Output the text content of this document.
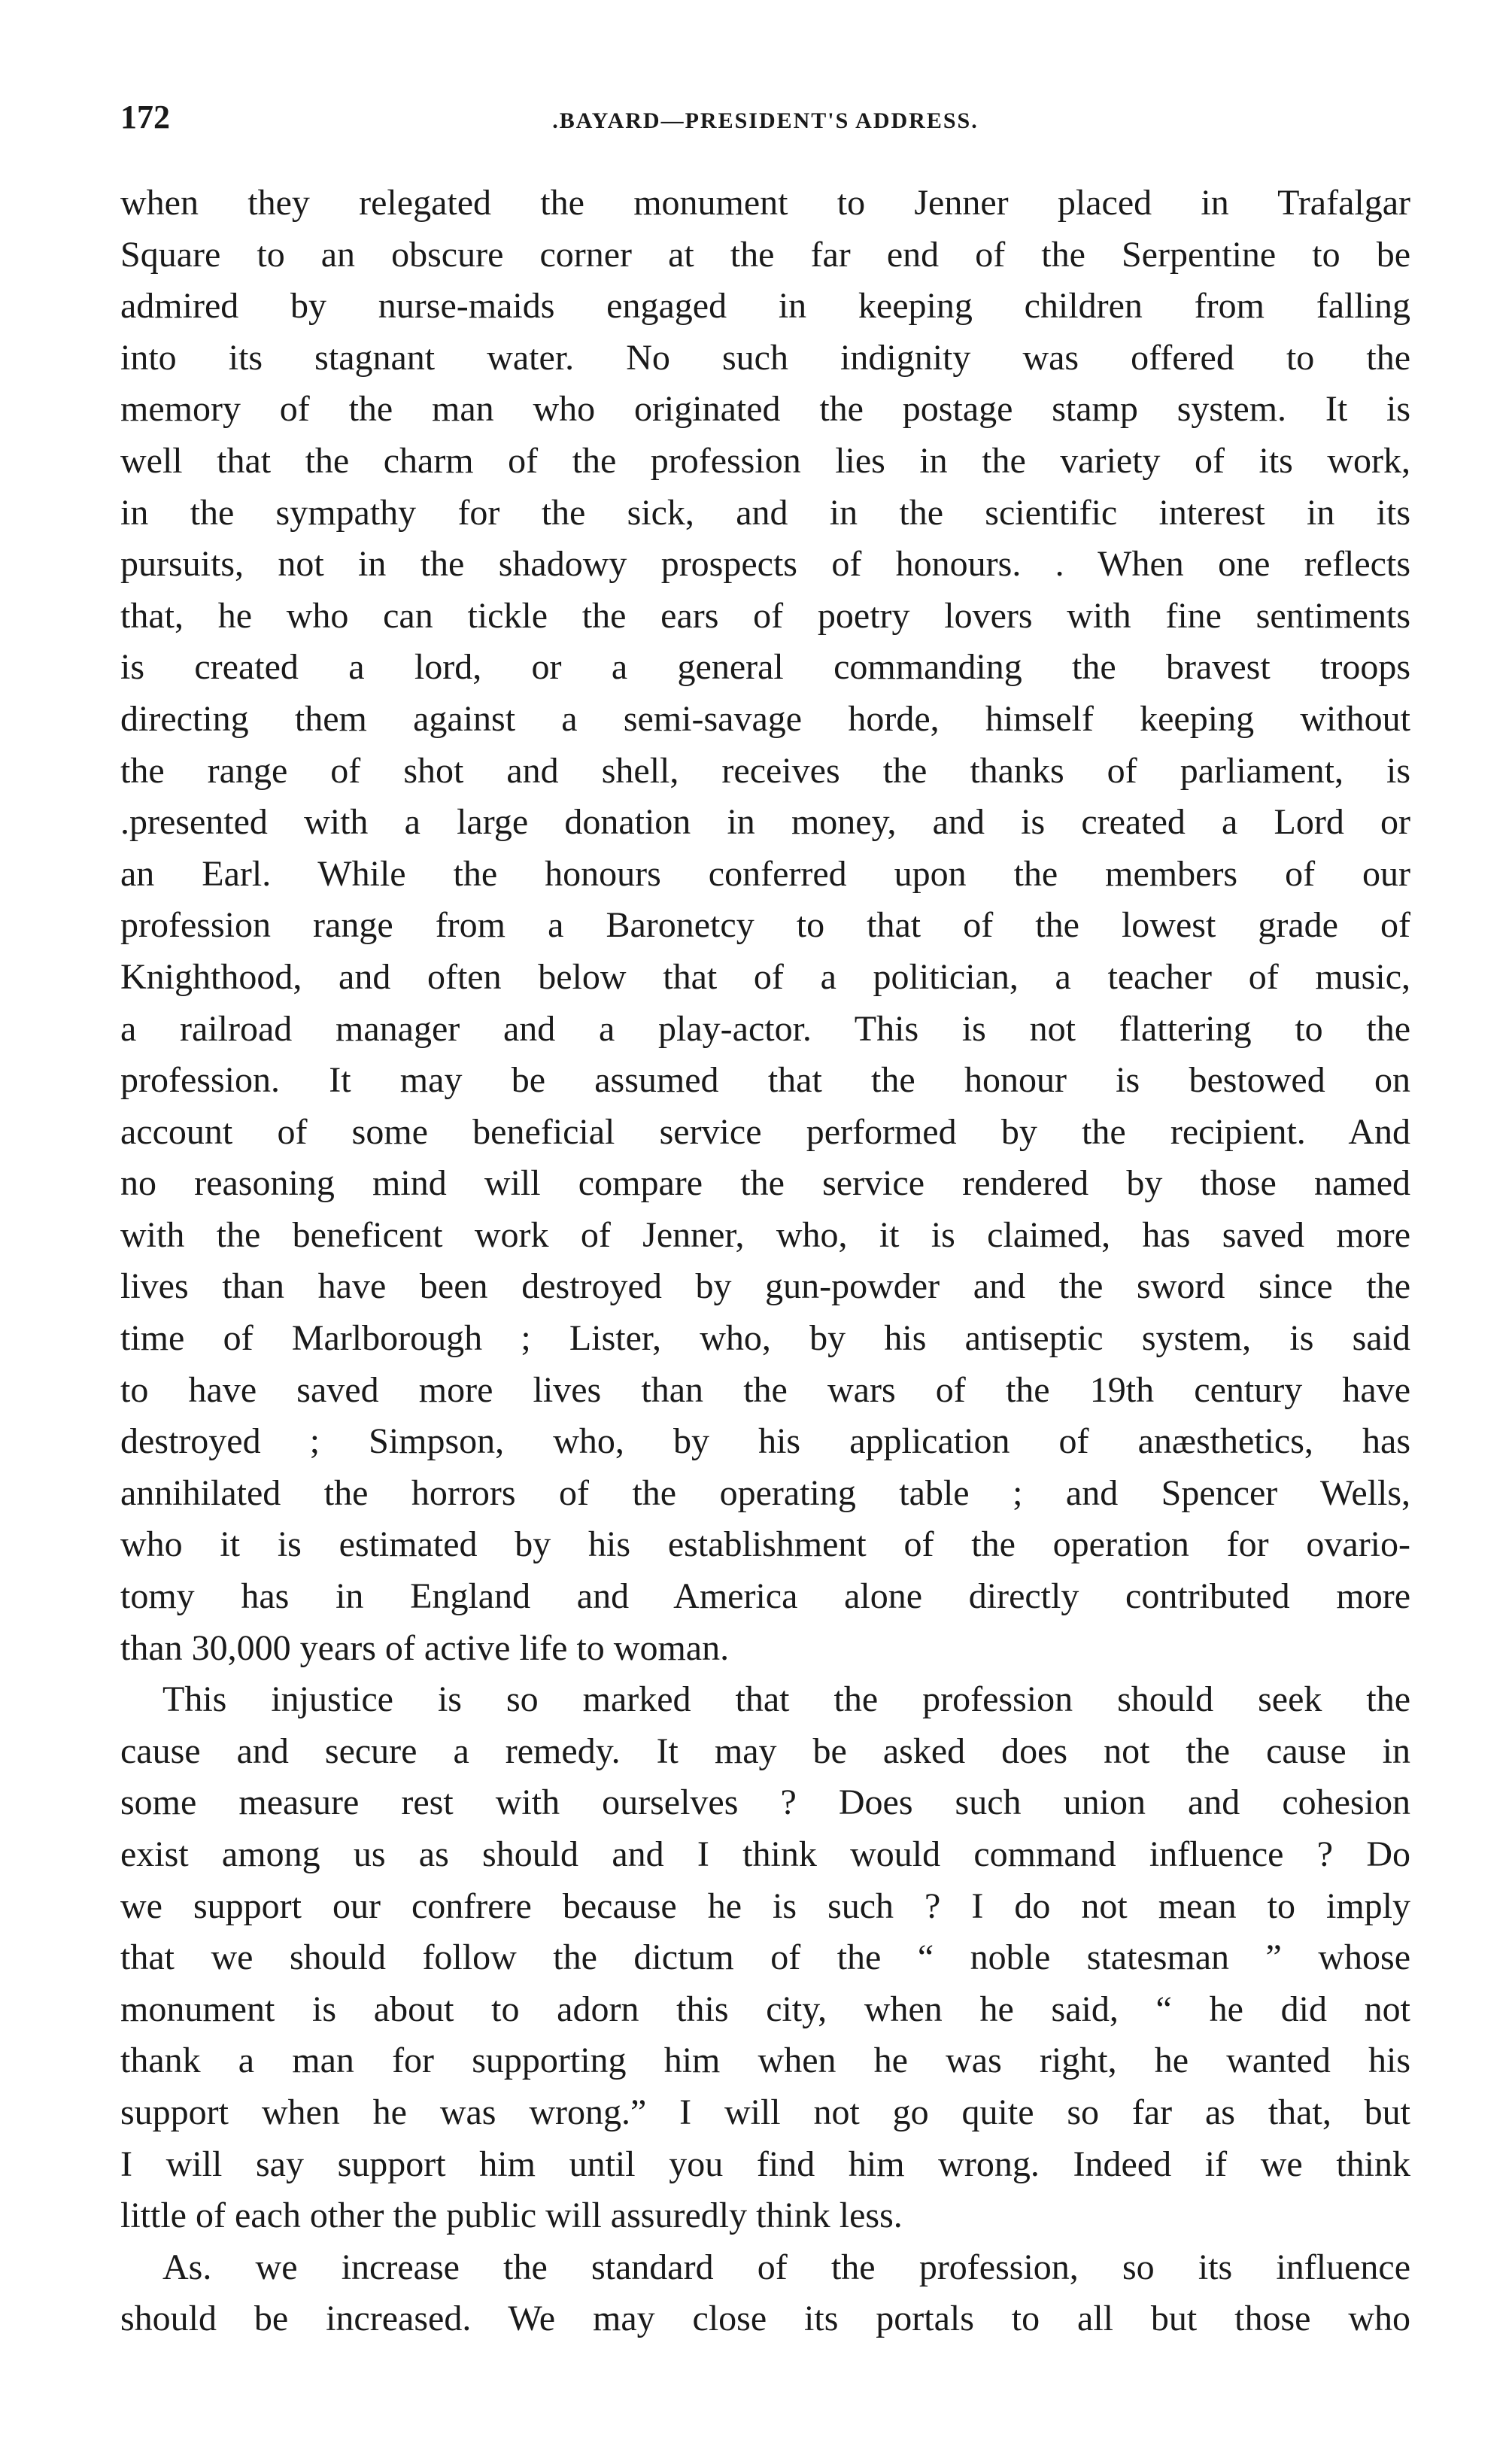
172	.BAYARD—PRESIDENT'S ADDRESS.
when they relegated the monument to Jenner placed in Trafalgar
Square to an obscure corner at the far end of the Serpentine to be
admired by nurse-maids engaged in keeping children from falling
into its stagnant water. No such indignity was offered to the
memory of the man who originated the postage stamp system. It is
well that the charm of the profession lies in the variety of its work,
in the sympathy for the sick, and in the scientific interest in its
pursuits, not in the shadowy prospects of honours. . When one reflects
that, he who can tickle the ears of poetry lovers with fine sentiments
is created a lord, or a general commanding the bravest troops
directing them against a semi-savage horde, himself keeping without
the range of shot and shell, receives the thanks of parliament, is
.presented with a large donation in money, and is created a Lord or
an Earl. While the honours conferred upon the members of our
profession range from a Baronetcy to that of the lowest grade of
Knighthood, and often below that of a politician, a teacher of music,
a railroad manager and a play-actor. This is not flattering to the
profession. It may be assumed that the honour is bestowed on
account of some beneficial service performed by the recipient. And
no reasoning mind will compare the service rendered by those named
with the beneficent work of Jenner, who, it is claimed, has saved more
lives than have been destroyed by gun-powder and the sword since the
time of Marlborough ; Lister, who, by his antiseptic system, is said
to have saved more lives than the wars of the 19th century have
destroyed ; Simpson, who, by his application of anæsthetics, has
annihilated the horrors of the operating table ; and Spencer Wells,
who it is estimated by his establishment of the operation for ovario-
tomy has in England and America alone directly contributed more
than 30,000 years of active life to woman.
This injustice is so marked that the profession should seek the
cause and secure a remedy. It may be asked does not the cause in
some measure rest with ourselves ? Does such union and cohesion
exist among us as should and I think would command influence ? Do
we support our confrere because he is such ? I do not mean to imply
that we should follow the dictum of the “ noble statesman ” whose
monument is about to adorn this city, when he said, “ he did not
thank a man for supporting him when he was right, he wanted his
support when he was wrong.” I will not go quite so far as that, but
I will say support him until you find him wrong. Indeed if we think
little of each other the public will assuredly think less.
As. we increase the standard of the profession, so its influence
should be increased. We may close its portals to all but those who
